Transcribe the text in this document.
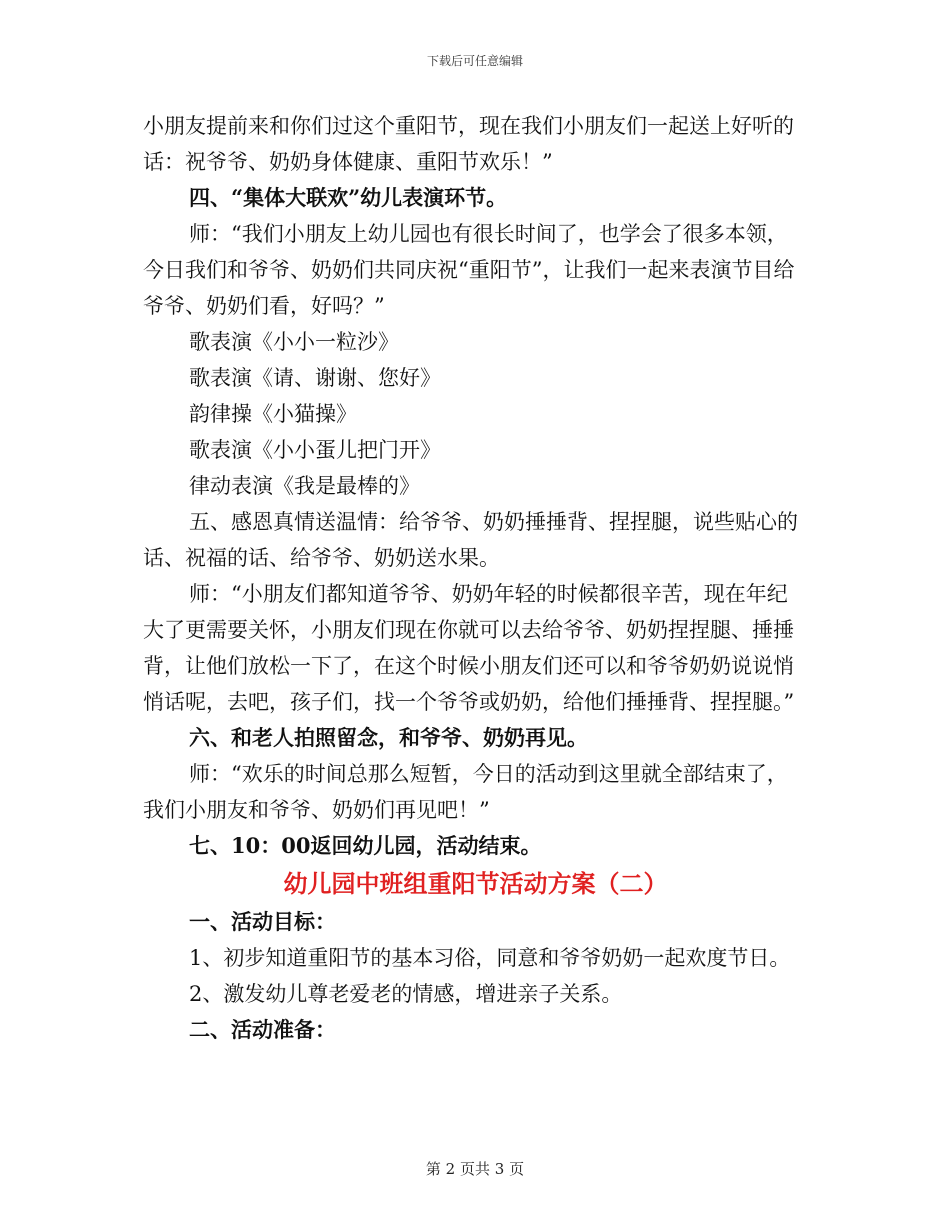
下载后可任意编辑

小朋友提前来和你们过这个重阳节，现在我们小朋友们一起送上好听的话：祝爷爷、奶奶身体健康、重阳节欢乐！”

四、“集体大联欢”幼儿表演环节。

师：“我们小朋友上幼儿园也有很长时间了，也学会了很多本领，今日我们和爷爷、奶奶们共同庆祝“重阳节”，让我们一起来表演节目给爷爷、奶奶们看，好吗？”

歌表演《小小一粒沙》

歌表演《请、谢谢、您好》

韵律操《小猫操》

歌表演《小小蛋儿把门开》

律动表演《我是最棒的》

五、感恩真情送温情：给爷爷、奶奶捶捶背、捏捏腿，说些贴心的话、祝福的话、给爷爷、奶奶送水果。

师：“小朋友们都知道爷爷、奶奶年轻的时候都很辛苦，现在年纪大了更需要关怀，小朋友们现在你就可以去给爷爷、奶奶捏捏腿、捶捶背，让他们放松一下了，在这个时候小朋友们还可以和爷爷奶奶说说悄悄话呢，去吧，孩子们，找一个爷爷或奶奶，给他们捶捶背、捏捏腿。”

六、和老人拍照留念，和爷爷、奶奶再见。

师：“欢乐的时间总那么短暂，今日的活动到这里就全部结束了，我们小朋友和爷爷、奶奶们再见吧！”

七、10：00返回幼儿园，活动结束。

幼儿园中班组重阳节活动方案（二）

一、活动目标：

1、初步知道重阳节的基本习俗，同意和爷爷奶奶一起欢度节日。

2、激发幼儿尊老爱老的情感，增进亲子关系。

二、活动准备：

第 2 页共 3 页
